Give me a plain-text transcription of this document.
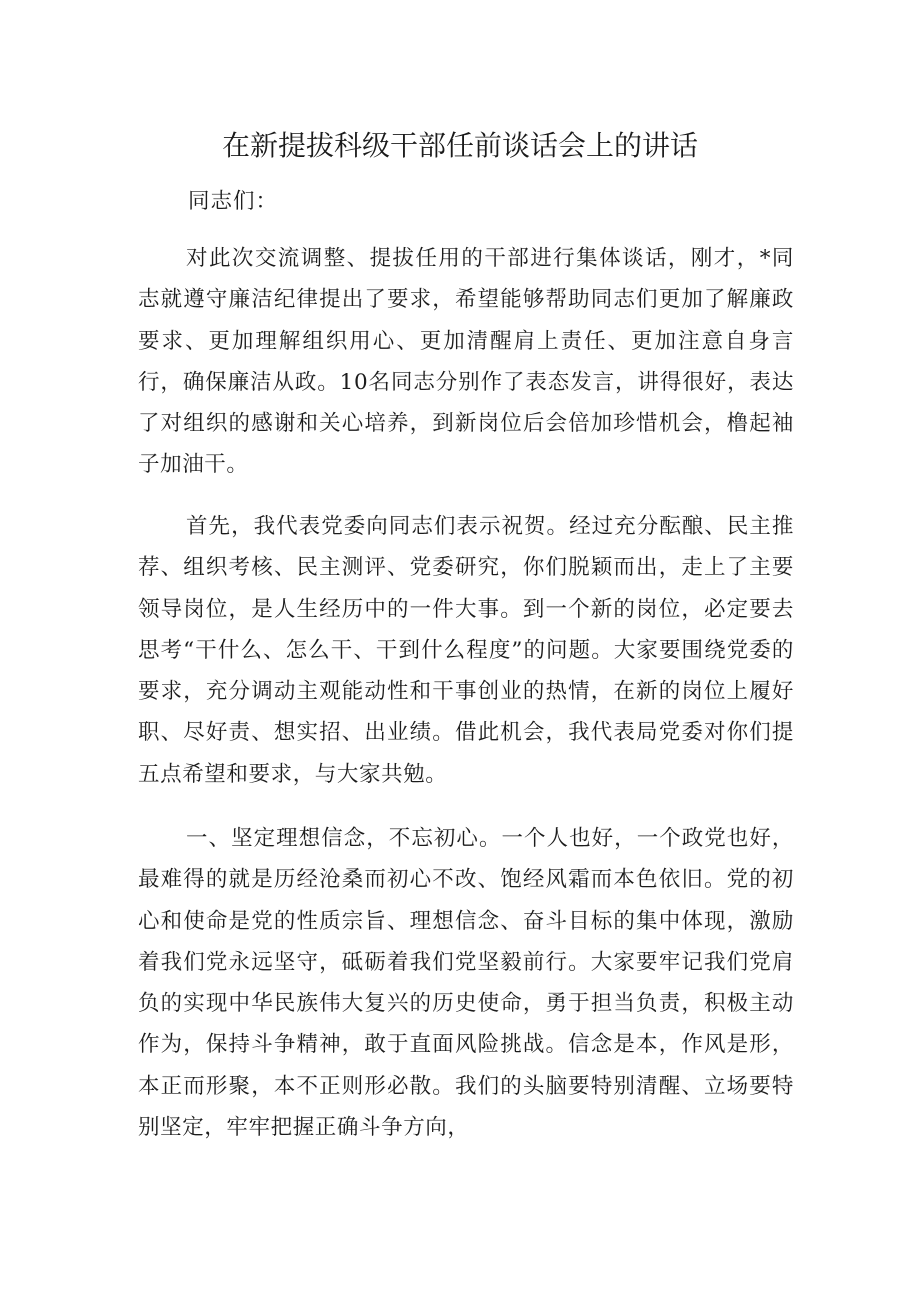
在新提拔科级干部任前谈话会上的讲话

同志们：

对此次交流调整、提拔任用的干部进行集体谈话，刚才，*同志就遵守廉洁纪律提出了要求，希望能够帮助同志们更加了解廉政要求、更加理解组织用心、更加清醒肩上责任、更加注意自身言行，确保廉洁从政。10名同志分别作了表态发言，讲得很好，表达了对组织的感谢和关心培养，到新岗位后会倍加珍惜机会，橹起袖子加油干。

首先，我代表党委向同志们表示祝贺。经过充分酝酿、民主推荐、组织考核、民主测评、党委研究，你们脱颖而出，走上了主要领导岗位，是人生经历中的一件大事。到一个新的岗位，必定要去思考“干什么、怎么干、干到什么程度”的问题。大家要围绕党委的要求，充分调动主观能动性和干事创业的热情，在新的岗位上履好职、尽好责、想实招、出业绩。借此机会，我代表局党委对你们提五点希望和要求，与大家共勉。

一、坚定理想信念，不忘初心。一个人也好，一个政党也好，最难得的就是历经沧桑而初心不改、饱经风霜而本色依旧。党的初心和使命是党的性质宗旨、理想信念、奋斗目标的集中体现，激励着我们党永远坚守，砥砺着我们党坚毅前行。大家要牢记我们党肩负的实现中华民族伟大复兴的历史使命，勇于担当负责，积极主动作为，保持斗争精神，敢于直面风险挑战。信念是本，作风是形，本正而形聚，本不正则形必散。我们的头脑要特别清醒、立场要特别坚定，牢牢把握正确斗争方向，
